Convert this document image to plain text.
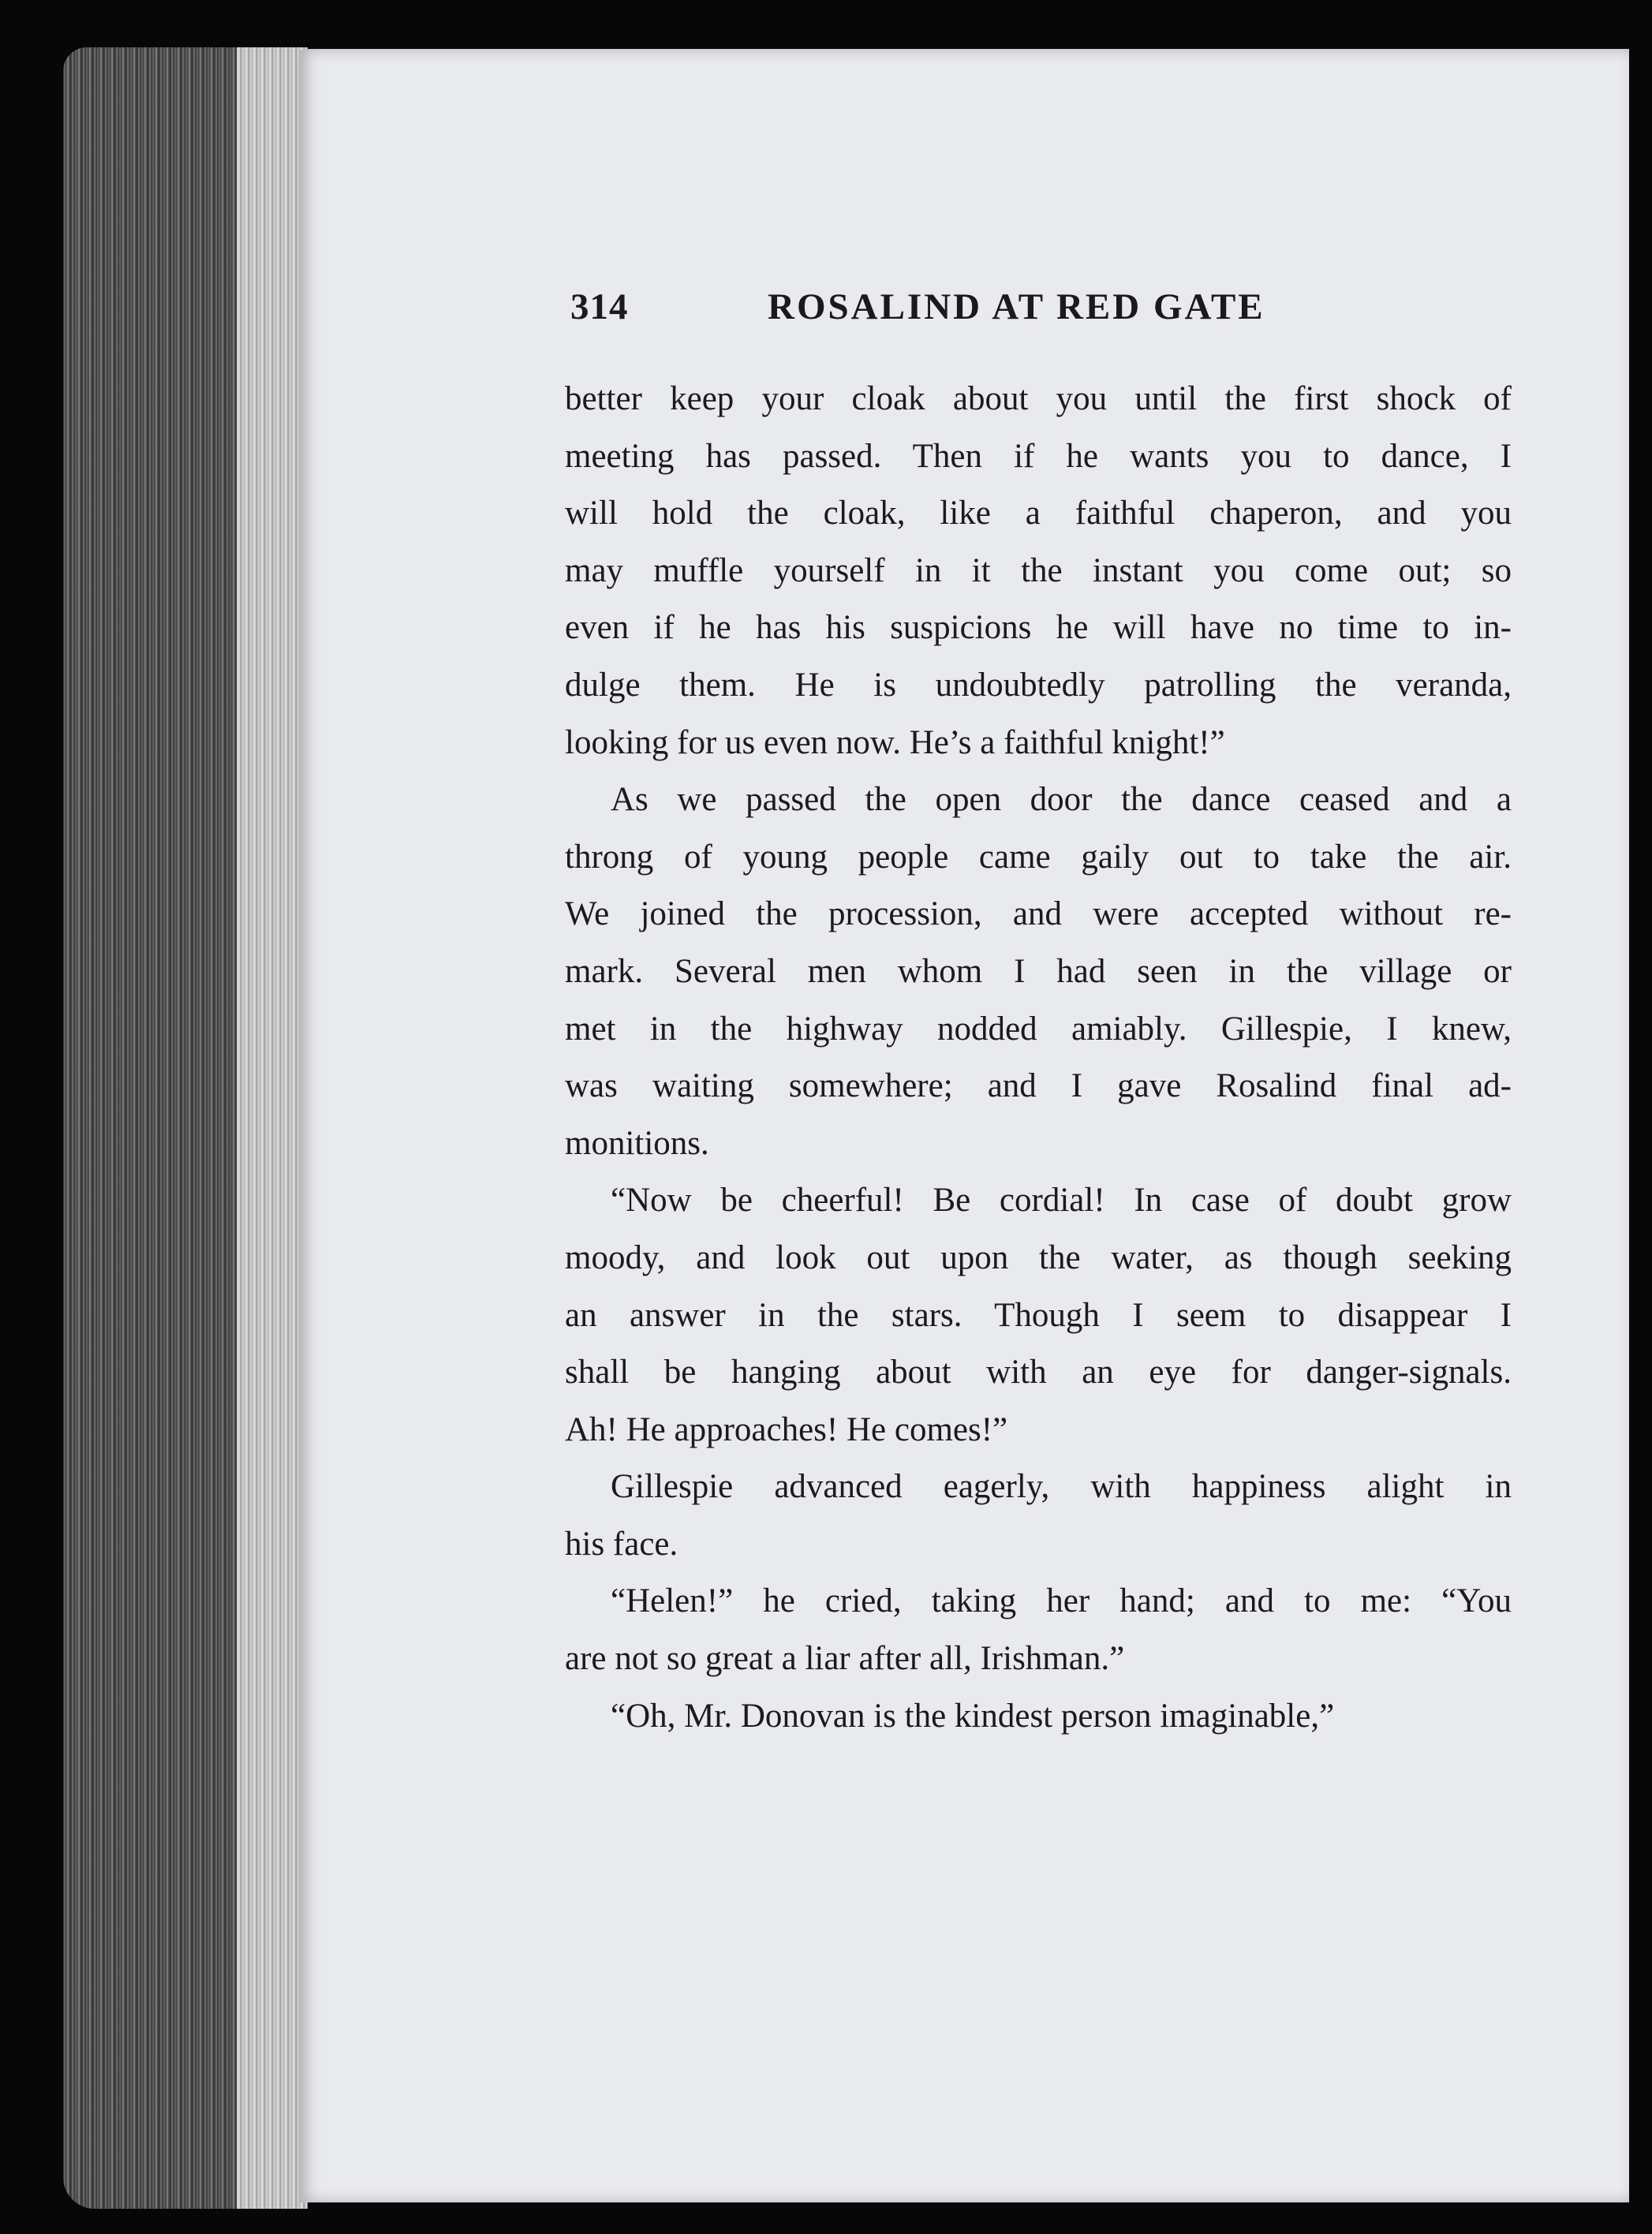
314	ROSALIND AT RED GATE
better keep your cloak about you until the first shock of
meeting has passed. Then if he wants you to dance, I
will hold the cloak, like a faithful chaperon, and you
may muffle yourself in it the instant you come out; so
even if he has his suspicions he will have no time to in-
dulge them. He is undoubtedly patrolling the veranda,
looking for us even now. He’s a faithful knight!”
As we passed the open door the dance ceased and a
throng of young people came gaily out to take the air.
We joined the procession, and were accepted without re-
mark. Several men whom I had seen in the village or
met in the highway nodded amiably. Gillespie, I knew,
was waiting somewhere; and I gave Rosalind final ad-
monitions.
“Now be cheerful! Be cordial! In case of doubt grow
moody, and look out upon the water, as though seeking
an answer in the stars. Though I seem to disappear I
shall be hanging about with an eye for danger-signals.
Ah! He approaches! He comes!”
Gillespie advanced eagerly, with happiness alight in
his face.
“Helen!” he cried, taking her hand; and to me: “You
are not so great a liar after all, Irishman.”
“Oh, Mr. Donovan is the kindest person imaginable,”
